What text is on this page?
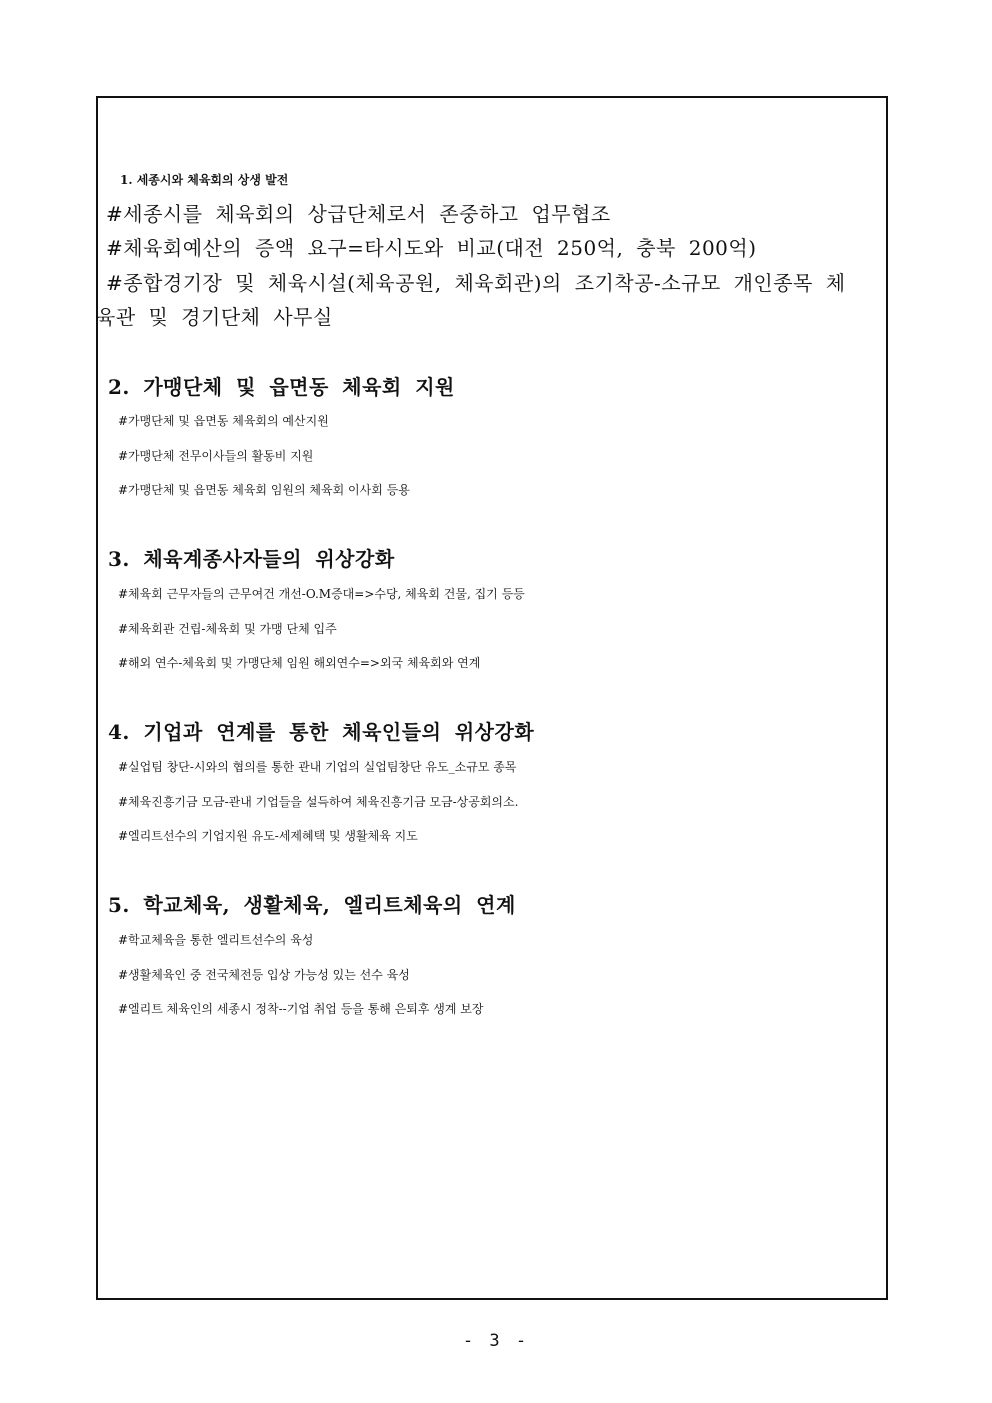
1. 세종시와 체육회의 상생 발전
#세종시를 체육회의 상급단체로서 존중하고 업무협조
#체육회예산의 증액 요구=타시도와 비교(대전 250억, 충북 200억)
#종합경기장 및 체육시설(체육공원, 체육회관)의 조기착공-소규모 개인종목 체
육관 및 경기단체 사무실
2. 가맹단체 및 읍면동 체육회 지원
#가맹단체 및 읍면동 체육회의 예산지원
#가맹단체 전무이사들의 활동비 지원
#가맹단체 및 읍면동 체육회 임원의 체육회 이사회 등용
3. 체육계종사자들의 위상강화
#체육회 근무자들의 근무여건 개선-O.M증대=>수당, 체육회 건물, 집기 등등
#체육회관 건립-체육회 및 가맹 단체 입주
#해외 연수-체육회 및 가맹단체 임원 해외연수=>외국 체육회와 연계
4. 기업과 연계를 통한 체육인들의 위상강화
#실업팀 창단-시와의 협의를 통한 관내 기업의 실업팀창단 유도_소규모 종목
#체육진흥기금 모금-관내 기업들을 설득하여 체육진흥기금 모금-상공회의소.
#엘리트선수의 기업지원 유도-세제혜택 및 생활체육 지도
5. 학교체육, 생활체육, 엘리트체육의 연계
#학교체육을 통한 엘리트선수의 육성
#생활체육인 중 전국체전등 입상 가능성 있는 선수 육성
#엘리트 체육인의 세종시 정착--기업 취업 등을 통해 은퇴후 생계 보장
- 3 -
